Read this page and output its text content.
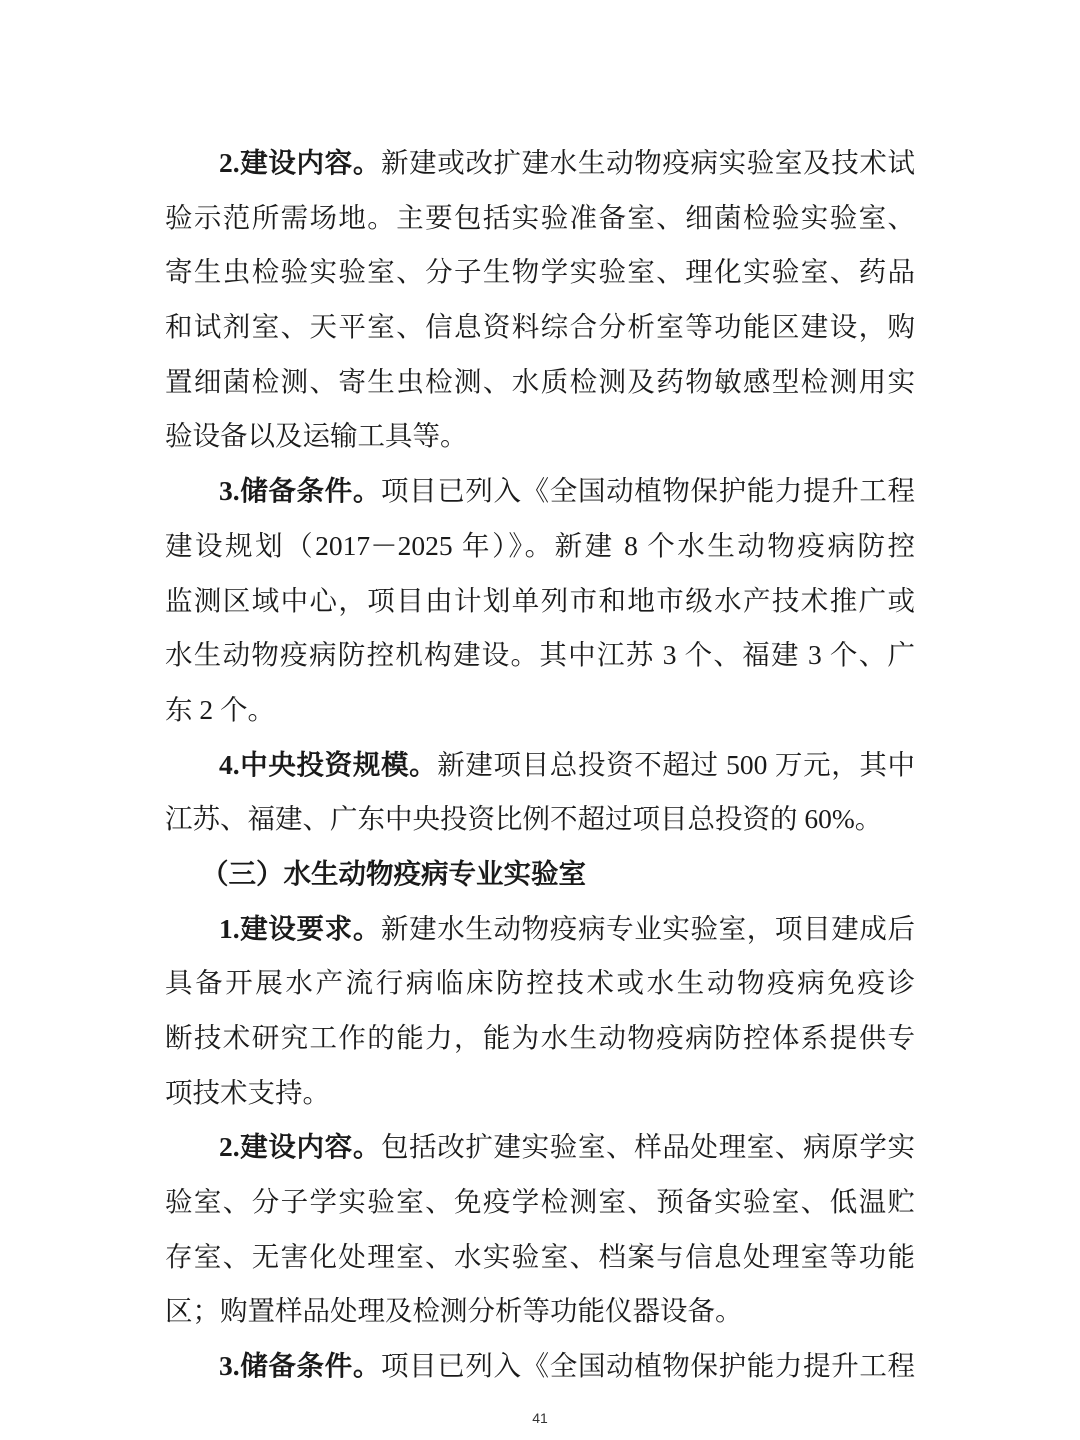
2.建设内容。新建或改扩建水生动物疫病实验室及技术试
验示范所需场地。主要包括实验准备室、细菌检验实验室、
寄生虫检验实验室、分子生物学实验室、理化实验室、药品
和试剂室、天平室、信息资料综合分析室等功能区建设，购
置细菌检测、寄生虫检测、水质检测及药物敏感型检测用实
验设备以及运输工具等。
3.储备条件。项目已列入《全国动植物保护能力提升工程
建设规划（2017－2025 年）》。新建 8 个水生动物疫病防控
监测区域中心，项目由计划单列市和地市级水产技术推广或
水生动物疫病防控机构建设。其中江苏 3 个、福建 3 个、广
东 2 个。
4.中央投资规模。新建项目总投资不超过 500 万元，其中
江苏、福建、广东中央投资比例不超过项目总投资的 60%。
（三）水生动物疫病专业实验室
1.建设要求。新建水生动物疫病专业实验室，项目建成后
具备开展水产流行病临床防控技术或水生动物疫病免疫诊
断技术研究工作的能力，能为水生动物疫病防控体系提供专
项技术支持。
2.建设内容。包括改扩建实验室、样品处理室、病原学实
验室、分子学实验室、免疫学检测室、预备实验室、低温贮
存室、无害化处理室、水实验室、档案与信息处理室等功能
区；购置样品处理及检测分析等功能仪器设备。
3.储备条件。项目已列入《全国动植物保护能力提升工程
41
